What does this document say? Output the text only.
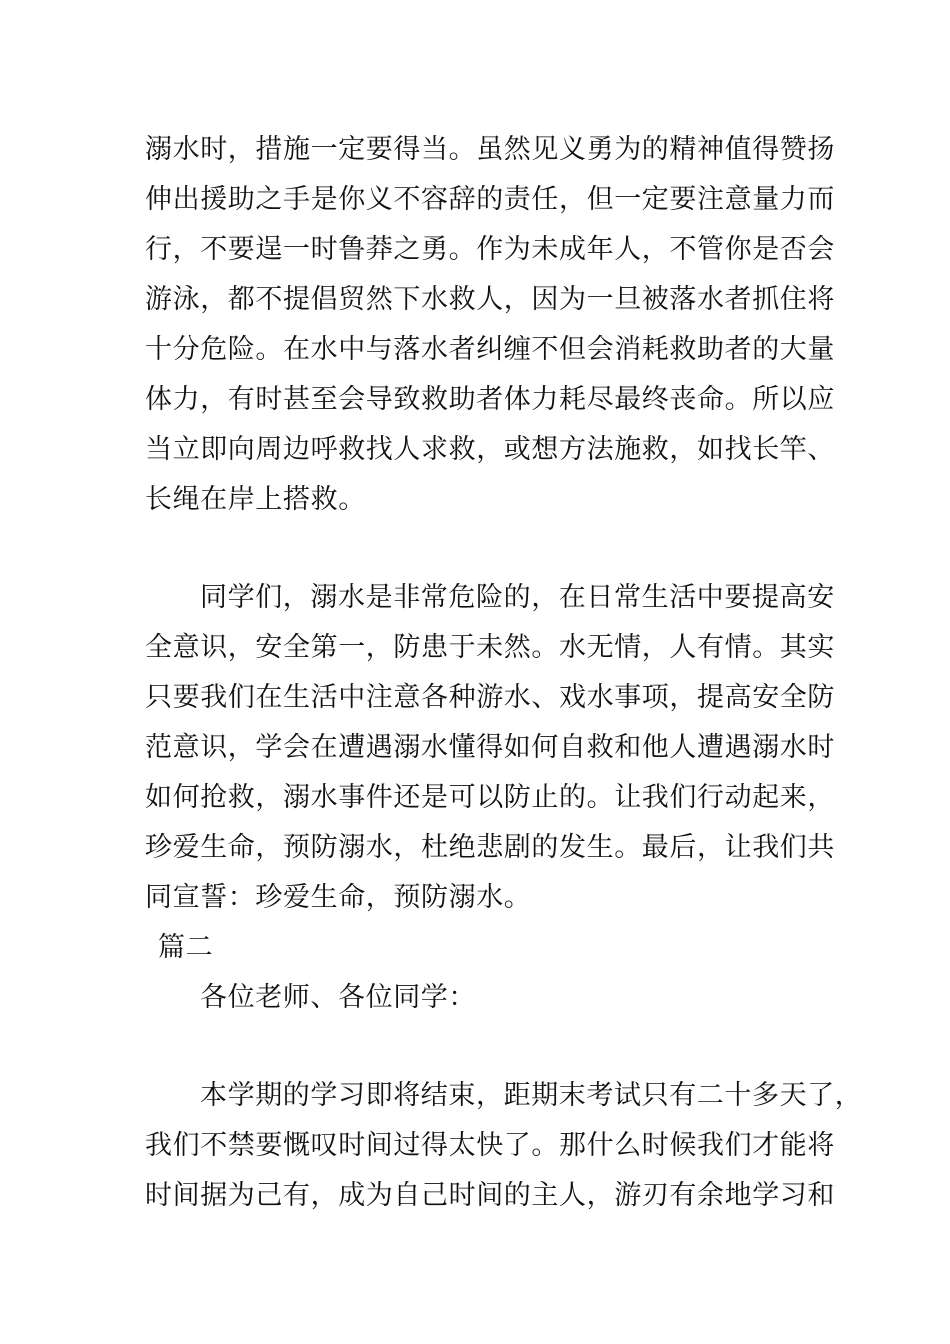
溺水时，措施一定要得当。虽然见义勇为的精神值得赞扬
伸出援助之手是你义不容辞的责任，但一定要注意量力而
行，不要逞一时鲁莽之勇。作为未成年人，不管你是否会
游泳，都不提倡贸然下水救人，因为一旦被落水者抓住将
十分危险。在水中与落水者纠缠不但会消耗救助者的大量
体力，有时甚至会导致救助者体力耗尽最终丧命。所以应
当立即向周边呼救找人求救，或想方法施救，如找长竿、
长绳在岸上搭救。
同学们，溺水是非常危险的，在日常生活中要提高安
全意识，安全第一，防患于未然。水无情，人有情。其实
只要我们在生活中注意各种游水、戏水事项，提高安全防
范意识，学会在遭遇溺水懂得如何自救和他人遭遇溺水时
如何抢救，溺水事件还是可以防止的。让我们行动起来，
珍爱生命，预防溺水，杜绝悲剧的发生。最后，让我们共
同宣誓：珍爱生命，预防溺水。
篇二
各位老师、各位同学：
本学期的学习即将结束，距期末考试只有二十多天了，
我们不禁要慨叹时间过得太快了。那什么时候我们才能将
时间据为己有，成为自己时间的主人，游刃有余地学习和
